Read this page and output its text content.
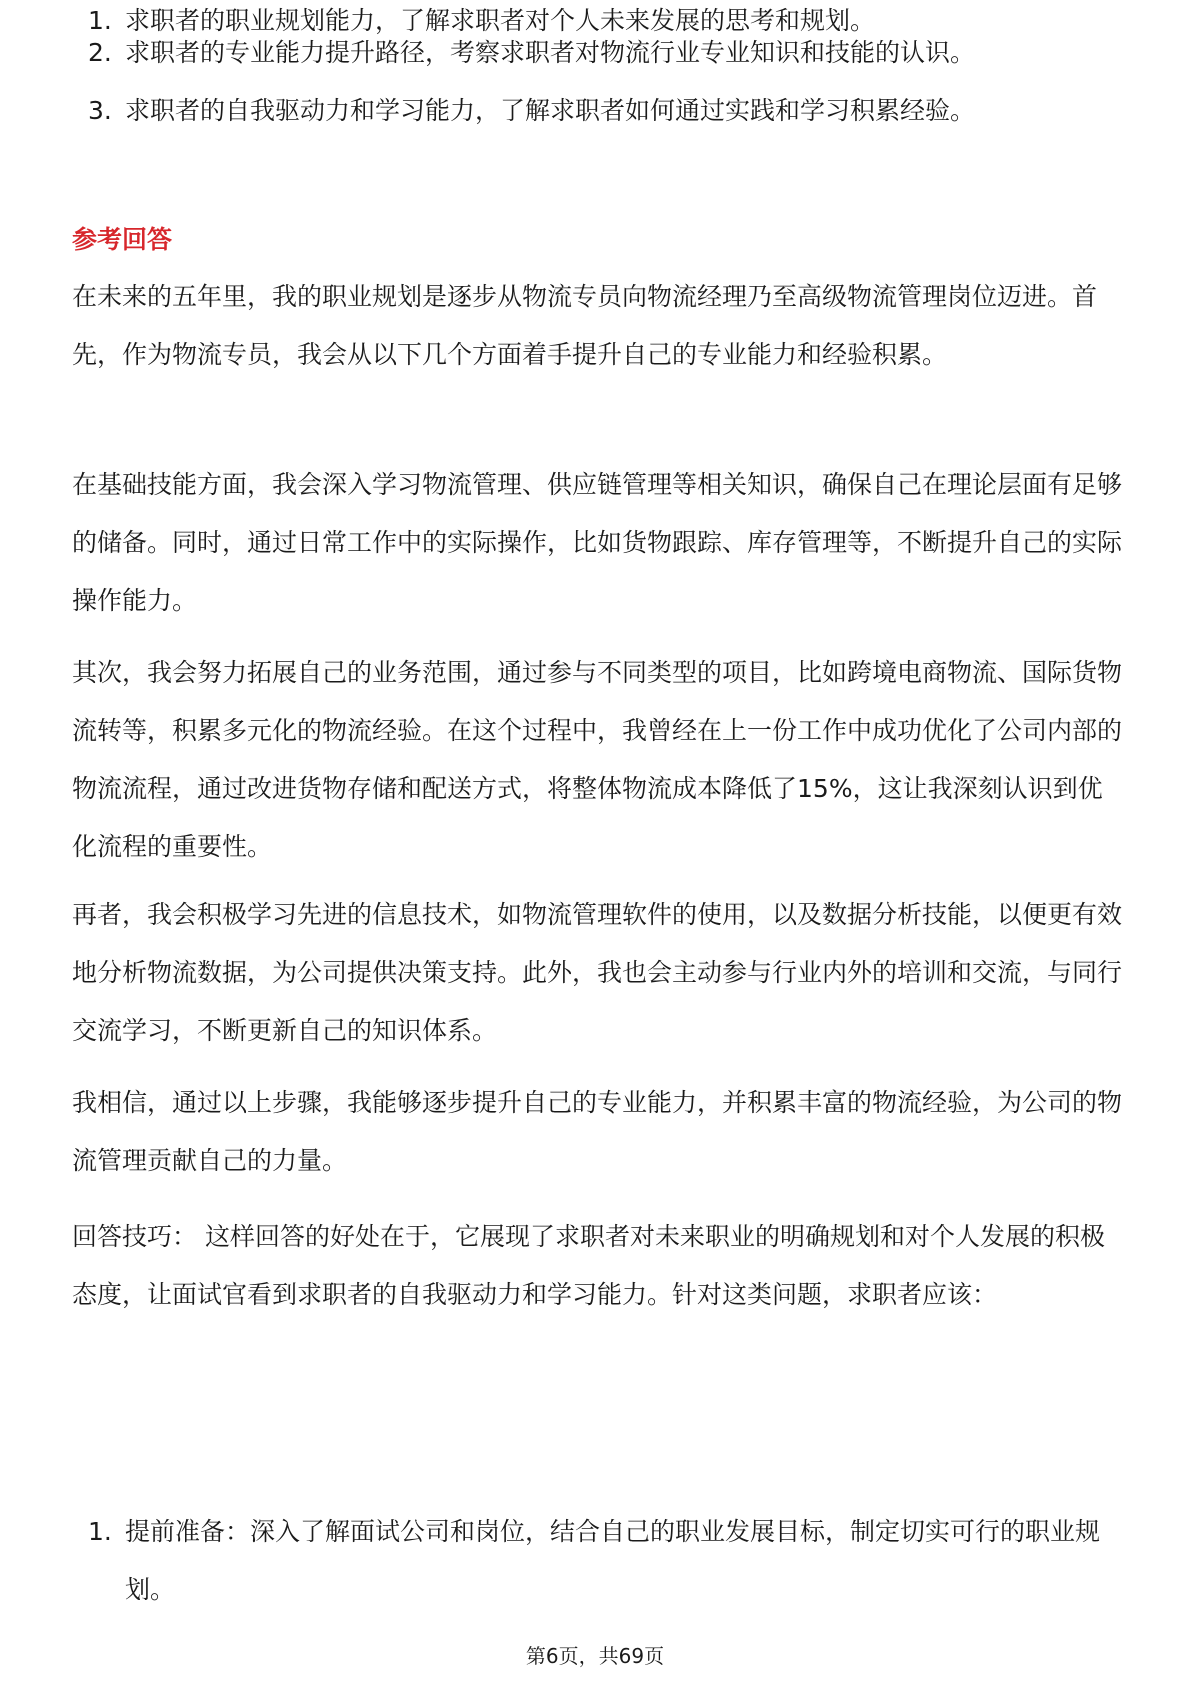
1. 求职者的职业规划能力，了解求职者对个人未来发展的思考和规划。
2. 求职者的专业能力提升路径，考察求职者对物流行业专业知识和技能的认识。
3. 求职者的自我驱动力和学习能力，了解求职者如何通过实践和学习积累经验。
参考回答

在未来的五年里，我的职业规划是逐步从物流专员向物流经理乃至高级物流管理岗位迈进。首先，作为物流专员，我会从以下几个方面着手提升自己的专业能力和经验积累。

在基础技能方面，我会深入学习物流管理、供应链管理等相关知识，确保自己在理论层面有足够的储备。同时，通过日常工作中的实际操作，比如货物跟踪、库存管理等，不断提升自己的实际操作能力。

其次，我会努力拓展自己的业务范围，通过参与不同类型的项目，比如跨境电商物流、国际货物流转等，积累多元化的物流经验。在这个过程中，我曾经在上一份工作中成功优化了公司内部的物流流程，通过改进货物存储和配送方式，将整体物流成本降低了15%，这让我深刻认识到优化流程的重要性。

再者，我会积极学习先进的信息技术，如物流管理软件的使用，以及数据分析技能，以便更有效地分析物流数据，为公司提供决策支持。此外，我也会主动参与行业内外的培训和交流，与同行交流学习，不断更新自己的知识体系。

我相信，通过以上步骤，我能够逐步提升自己的专业能力，并积累丰富的物流经验，为公司的物流管理贡献自己的力量。

回答技巧： 这样回答的好处在于，它展现了求职者对未来职业的明确规划和对个人发展的积极态度，让面试官看到求职者的自我驱动力和学习能力。针对这类问题，求职者应该：

1. 提前准备：深入了解面试公司和岗位，结合自己的职业发展目标，制定切实可行的职业规划。
第6页，共69页
